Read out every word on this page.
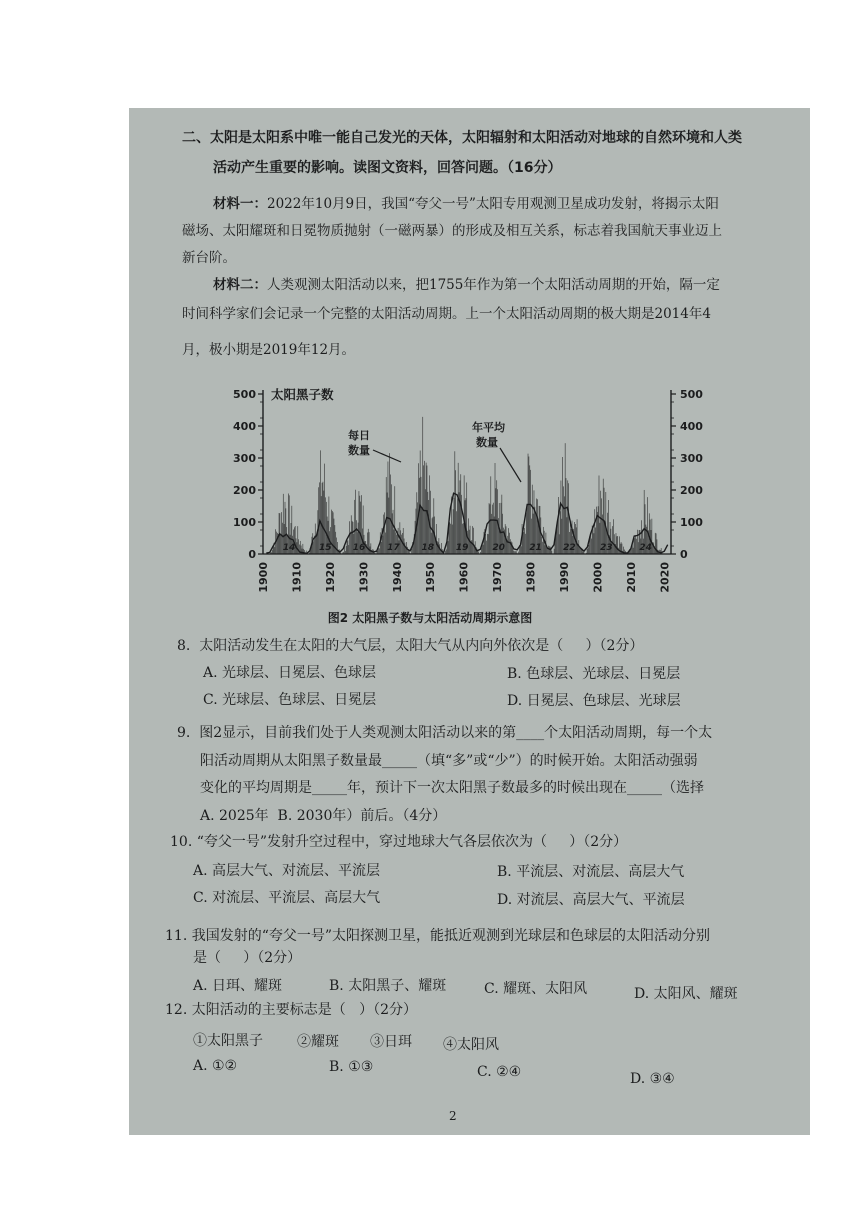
二、太阳是太阳系中唯一能自己发光的天体，太阳辐射和太阳活动对地球的自然环境和人类
活动产生重要的影响。读图文资料，回答问题。（16分）
材料一：2022年10月9日，我国“夸父一号”太阳专用观测卫星成功发射，将揭示太阳
磁场、太阳耀斑和日冕物质抛射（一磁两暴）的形成及相互关系，标志着我国航天事业迈上
新台阶。
材料二：人类观测太阳活动以来，把1755年作为第一个太阳活动周期的开始，隔一定
时间科学家们会记录一个完整的太阳活动周期。上一个太阳活动周期的极大期是2014年4
月，极小期是2019年12月。
0
100
200
300
400
500
0
100
200
300
400
500
14	15 16 17 18 19	20	21 22	23	24
1900 1910 1920 1930 1940 1950 1960 1970 1980 1990 2000 2010 2020
太阳黑子数
每日
数量
年平均
数量
图2 太阳黑子数与太阳活动周期示意图
8.  太阳活动发生在太阳的大气层，太阳大气从内向外依次是（     ）（2分）
A. 光球层、日冕层、色球层	B. 色球层、光球层、日冕层
C. 光球层、色球层、日冕层	D. 日冕层、色球层、光球层
9.  图2显示，目前我们处于人类观测太阳活动以来的第____个太阳活动周期，每一个太
阳活动周期从太阳黑子数量最_____（填“多”或“少”）的时候开始。太阳活动强弱
变化的平均周期是_____年，预计下一次太阳黑子数最多的时候出现在_____（选择
A. 2025年  B. 2030年）前后。（4分）
10. “夸父一号”发射升空过程中，穿过地球大气各层依次为（     ）（2分）
A. 高层大气、对流层、平流层	B. 平流层、对流层、高层大气
C. 对流层、平流层、高层大气	D. 对流层、高层大气、平流层
11. 我国发射的“夸父一号”太阳探测卫星，能抵近观测到光球层和色球层的太阳活动分别
是（     ）（2分）
A. 日珥、耀斑	B. 太阳黑子、耀斑	C. 耀斑、太阳风	D. 太阳风、耀斑
12. 太阳活动的主要标志是（   ）（2分）
①太阳黑子 ②耀斑 ③日珥 ④太阳风
A. ①②	B. ①③	C. ②④	D. ③④
2
